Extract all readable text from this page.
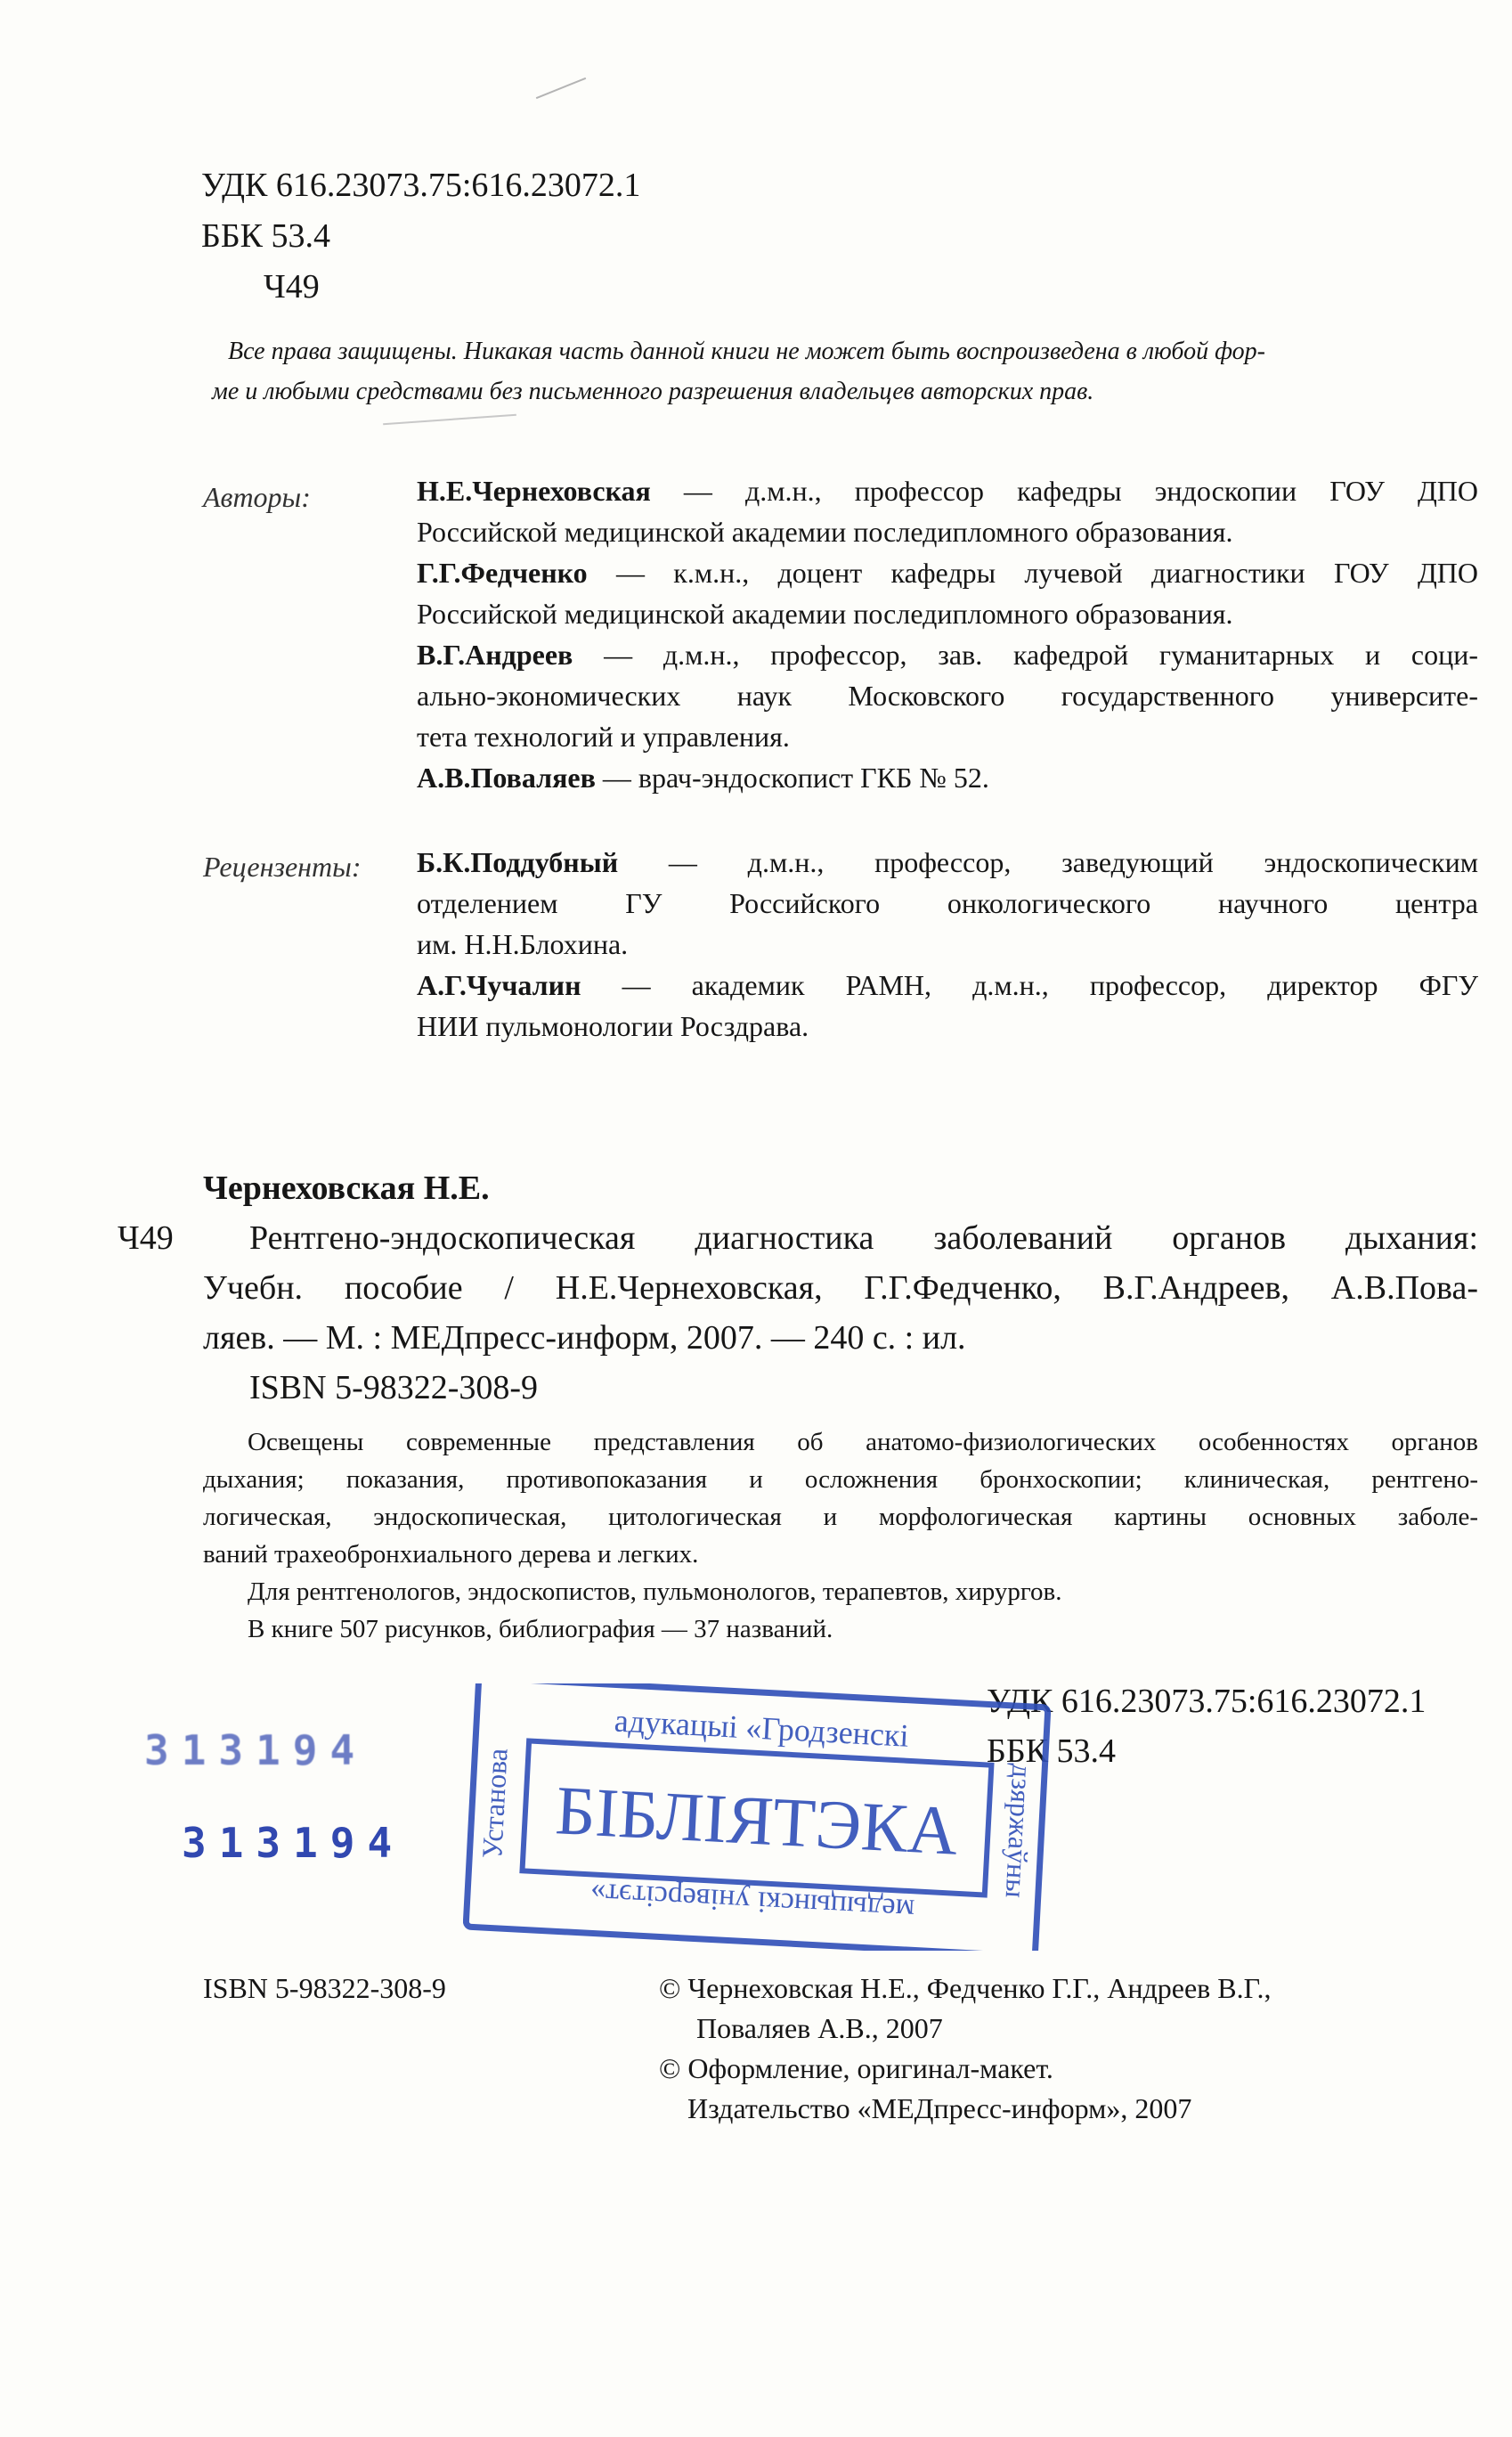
УДК 616.23073.75:616.23072.1
ББК 53.4
Ч49
Все права защищены. Никакая часть данной книги не может быть воспроизведена в любой фор-
ме и любыми средствами без письменного разрешения владельцев авторских прав.
Авторы:	Н.Е.Чернеховская — д.м.н., профессор кафедры эндоскопии ГОУ ДПО
Российской медицинской академии последипломного образования.
Г.Г.Федченко — к.м.н., доцент кафедры лучевой диагностики ГОУ ДПО
Российской медицинской академии последипломного образования.
В.Г.Андреев — д.м.н., профессор, зав. кафедрой гуманитарных и соци-
ально-экономических наук Московского государственного университе-
тета технологий и управления.
А.В.Поваляев — врач-эндоскопист ГКБ № 52.
Рецензенты: Б.К.Поддубный — д.м.н., профессор, заведующий эндоскопическим
отделением ГУ Российского онкологического научного центра
им. Н.Н.Блохина.
А.Г.Чучалин — академик РАМН, д.м.н., профессор, директор ФГУ
НИИ пульмонологии Росздрава.
Чернеховская Н.Е.
Ч49 Рентгено-эндоскопическая диагностика заболеваний органов дыхания:
Учебн. пособие / Н.Е.Чернеховская, Г.Г.Федченко, В.Г.Андреев, А.В.Пова-
ляев. — М. : МЕДпресс-информ, 2007. — 240 с. : ил.
ISBN 5-98322-308-9
Освещены современные представления об анатомо-физиологических особенностях органов
дыхания; показания, противопоказания и осложнения бронхоскопии; клиническая, рентгено-
логическая, эндоскопическая, цитологическая и морфологическая картины основных заболе-
ваний трахеобронхиального дерева и легких.
Для рентгенологов, эндоскопистов, пульмонологов, терапевтов, хирургов.
В книге 507 рисунков, библиография — 37 названий.
УДК 616.23073.75:616.23072.1
ББК 53.4
313194
313194
адукацыі «Гродзенскі
БІБЛІЯТЭКА
медыцынскі універсітэт»
Установа	дзяржаўны
ISBN 5-98322-308-9	© Чернеховская Н.Е., Федченко Г.Г., Андреев В.Г.,
Поваляев А.В., 2007
© Оформление, оригинал-макет.
Издательство «МЕДпресс-информ», 2007
